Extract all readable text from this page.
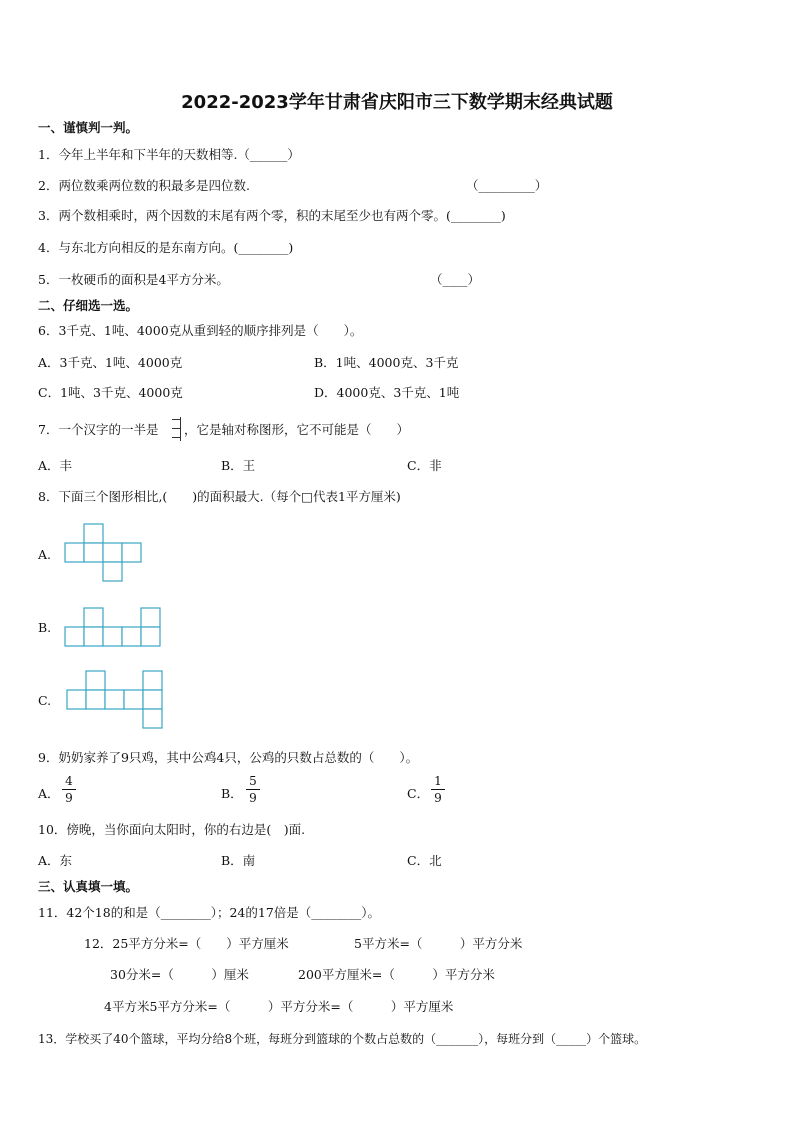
2022-2023学年甘肃省庆阳市三下数学期末经典试题
一、谨慎判一判。
1．今年上半年和下半年的天数相等.（______）
2．两位数乘两位数的积最多是四位数.	（_________）
3．两个数相乘时，两个因数的末尾有两个零，积的末尾至少也有两个零。(________)
4．与东北方向相反的是东南方向。(________)
5．一枚硬币的面积是4平方分米。	（____）
二、仔细选一选。
6．3千克、1吨、4000克从重到轻的顺序排列是（　　）。
A．3千克、1吨、4000克	B．1吨、4000克、3千克
C．1吨、3千克、4000克	D．4000克、3千克、1吨
7．一个汉字的一半是 ，它是轴对称图形，它不可能是（　　）
A．丰	B．王	C．非
8．下面三个图形相比,(　　)的面积最大.（每个□代表1平方厘米)
A.
B.
C.
9．奶奶家养了9只鸡，其中公鸡4只，公鸡的只数占总数的（　　）。
A．
4
9	B．
5
9	C．
1
9
10．傍晚，当你面向太阳时，你的右边是(　)面.
A．东	B．南	C．北
三、认真填一填。
11．42个18的和是（________）；24的17倍是（________）。
12．25平方分米=（　　）平方厘米	5平方米=（　　　）平方分米
30分米=（　　　）厘米	200平方厘米=（　　　）平方分米
4平方米5平方分米=（　　　）平方分米=（　　　）平方厘米
13．学校买了40个篮球，平均分给8个班，每班分到篮球的个数占总数的（_______），每班分到（_____）个篮球。
